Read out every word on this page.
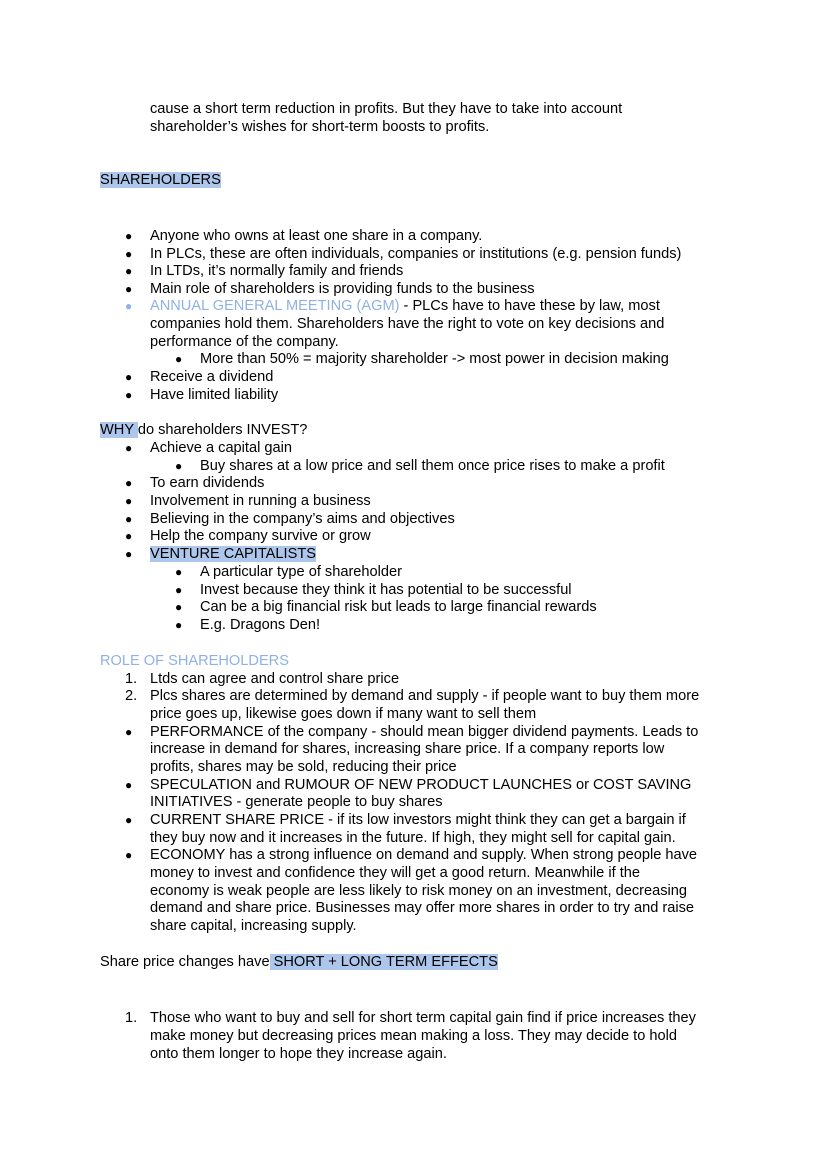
cause a short term reduction in profits. But they have to take into account
shareholder’s wishes for short-term boosts to profits.
SHAREHOLDERS
● Anyone who owns at least one share in a company.
● In PLCs, these are often individuals, companies or institutions (e.g. pension funds)
● In LTDs, it’s normally family and friends
● Main role of shareholders is providing funds to the business
● ANNUAL GENERAL MEETING (AGM) - PLCs have to have these by law, most
companies hold them. Shareholders have the right to vote on key decisions and
performance of the company.
● More than 50% = majority shareholder -> most power in decision making
● Receive a dividend
● Have limited liability
WHY do shareholders INVEST?
● Achieve a capital gain
● Buy shares at a low price and sell them once price rises to make a profit
● To earn dividends
● Involvement in running a business
● Believing in the company’s aims and objectives
● Help the company survive or grow
● VENTURE CAPITALISTS
● A particular type of shareholder
● Invest because they think it has potential to be successful
● Can be a big financial risk but leads to large financial rewards
● E.g. Dragons Den!
ROLE OF SHAREHOLDERS
1. Ltds can agree and control share price
2. Plcs shares are determined by demand and supply - if people want to buy them more
price goes up, likewise goes down if many want to sell them
● PERFORMANCE of the company - should mean bigger dividend payments. Leads to
increase in demand for shares, increasing share price. If a company reports low
profits, shares may be sold, reducing their price
● SPECULATION and RUMOUR OF NEW PRODUCT LAUNCHES or COST SAVING
INITIATIVES - generate people to buy shares
● CURRENT SHARE PRICE - if its low investors might think they can get a bargain if
they buy now and it increases in the future. If high, they might sell for capital gain.
● ECONOMY has a strong influence on demand and supply. When strong people have
money to invest and confidence they will get a good return. Meanwhile if the
economy is weak people are less likely to risk money on an investment, decreasing
demand and share price. Businesses may offer more shares in order to try and raise
share capital, increasing supply.
Share price changes have SHORT + LONG TERM EFFECTS
1. Those who want to buy and sell for short term capital gain find if price increases they
make money but decreasing prices mean making a loss. They may decide to hold
onto them longer to hope they increase again.
